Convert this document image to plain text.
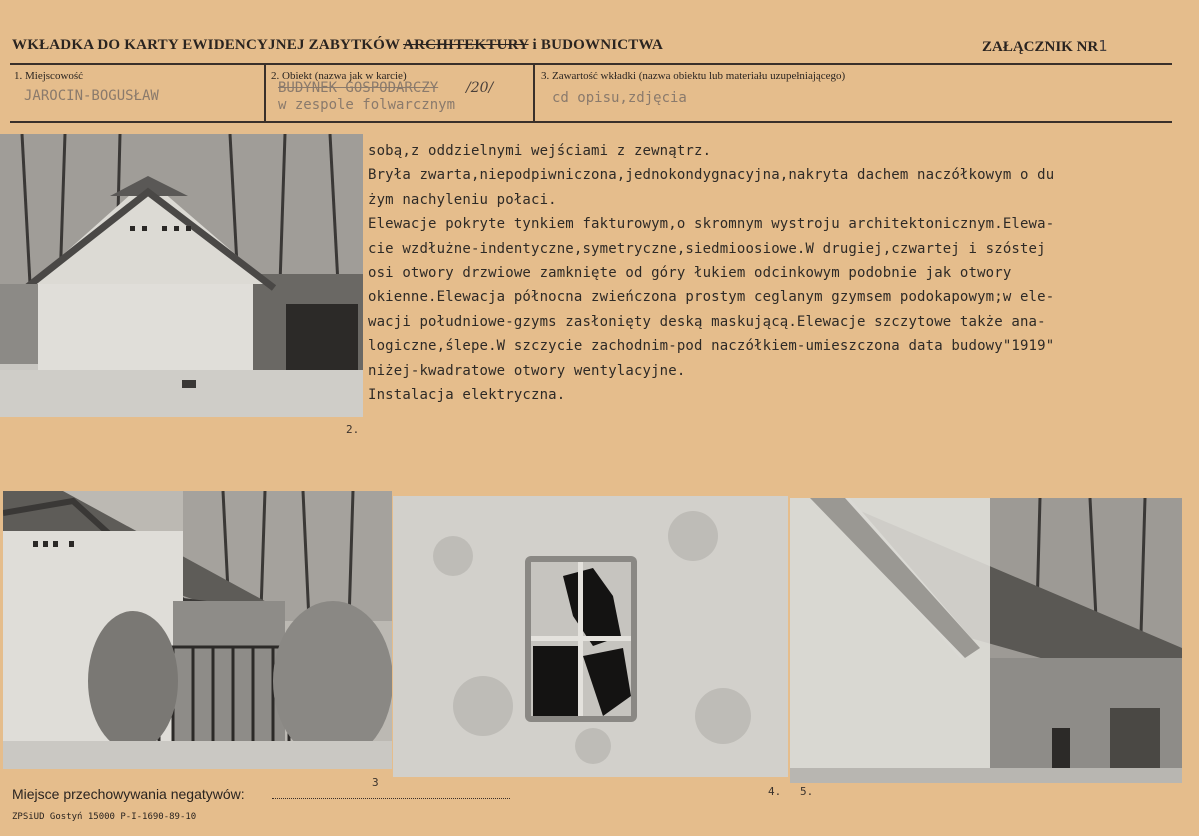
WKŁADKA DO KARTY EWIDENCYJNEJ ZABYTKÓW ARCHITEKTURY i BUDOWNICTWA	ZAŁĄCZNIK NR1
1. Miejscowość
JAROCIN-BOGUSŁAW
2. Obiekt (nazwa jak w karcie)
BUDYNEK GOSPODARCZY /20/
w zespole folwarcznym
3. Zawartość wkładki (nazwa obiektu lub materiału uzupełniającego)
cd opisu,zdjęcia
2.
sobą,z oddzielnymi wejściami z zewnątrz.
Bryła zwarta,niepodpiwniczona,jednokondygnacyjna,nakryta dachem naczółkowym o du
żym nachyleniu połaci.
Elewacje pokryte tynkiem fakturowym,o skromnym wystroju architektonicznym.Elewa-
cie wzdłużne-indentyczne,symetryczne,siedmioosiowe.W drugiej,czwartej i szóstej
osi otwory drzwiowe zamknięte od góry łukiem odcinkowym podobnie jak otwory
okienne.Elewacja północna zwieńczona prostym ceglanym gzymsem podokapowym;w ele-
wacji południowe-gzyms zasłonięty deską maskującą.Elewacje szczytowe także ana-
logiczne,ślepe.W szczycie zachodnim-pod naczółkiem-umieszczona data budowy"1919"
niżej-kwadratowe otwory wentylacyjne.
Instalacja elektryczna.
3
4. 5.
Miejsce przechowywania negatywów:
ZPSiUD Gostyń 15000 P-I-1690-89-10
